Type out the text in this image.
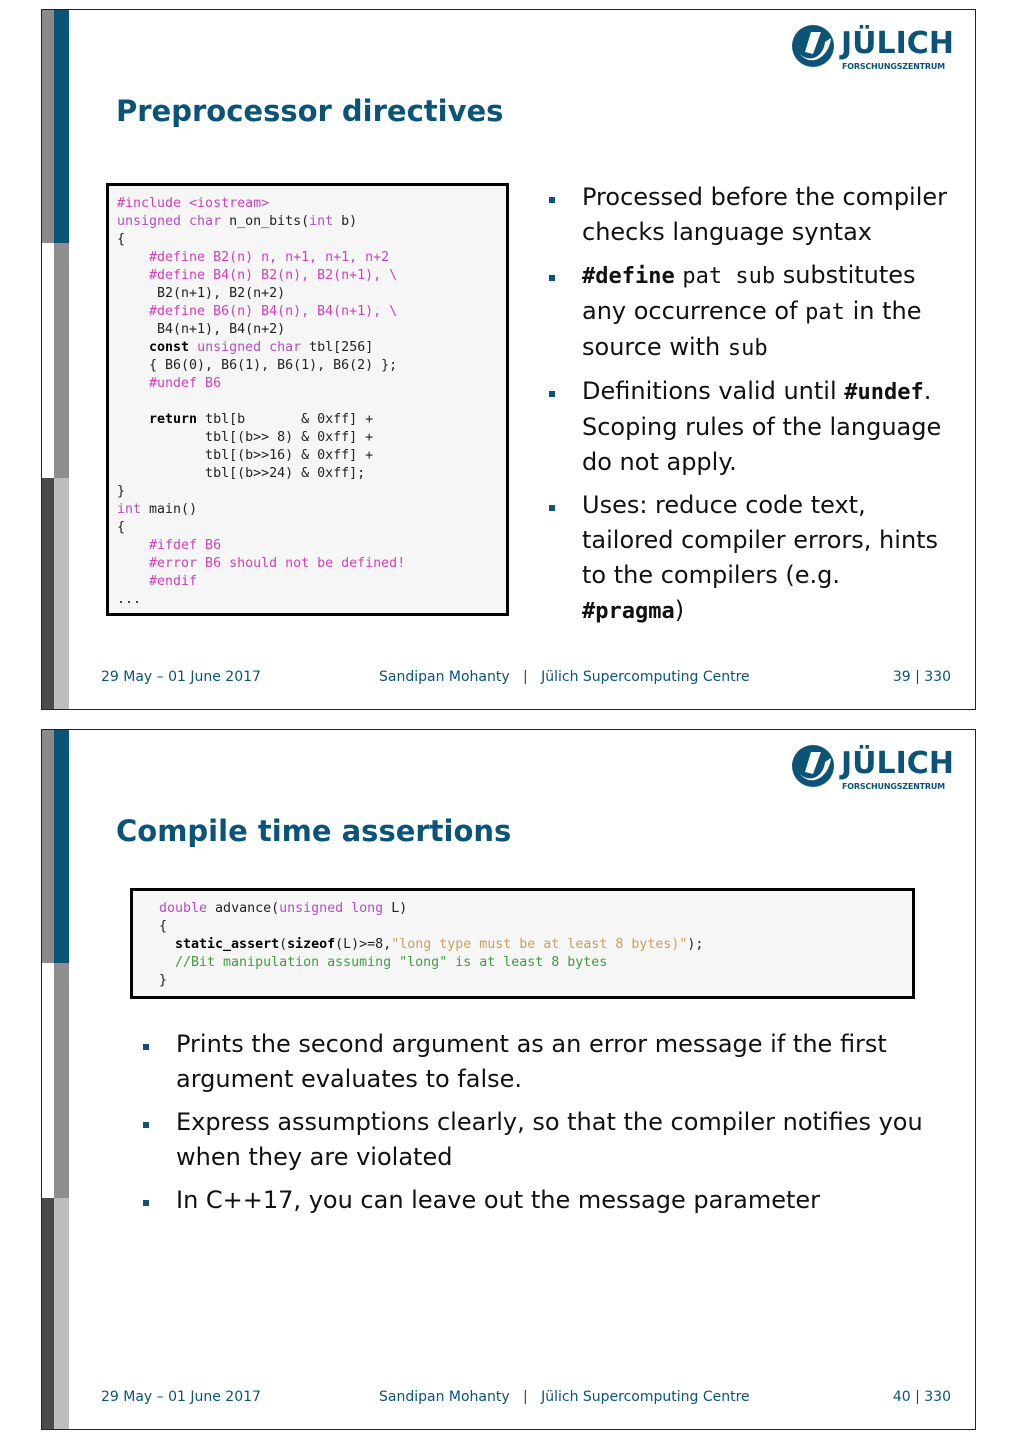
JÜLICH
FORSCHUNGSZENTRUM
Preprocessor directives
#include <iostream>
unsigned char n_on_bits(int b)
{
#define B2(n) n, n+1, n+1, n+2
#define B4(n) B2(n), B2(n+1), \
B2(n+1), B2(n+2)
#define B6(n) B4(n), B4(n+1), \
B4(n+1), B4(n+2)
const unsigned char tbl[256]
{ B6(0), B6(1), B6(1), B6(2) };
#undef B6

return tbl[b       & 0xff] +
tbl[(b>> 8) & 0xff] +
tbl[(b>>16) & 0xff] +
tbl[(b>>24) & 0xff];
}
int main()
{
#ifdef B6
#error B6 should not be defined!
#endif
...
Processed before the compiler checks language syntax
#define pat sub substitutes any occurrence of pat in the source with sub
Definitions valid until #undef. Scoping rules of the language do not apply.
Uses: reduce code text, tailored compiler errors, hints to the compilers (e.g. #pragma)
29 May – 01 June 2017	Sandipan Mohanty | Jülich Supercomputing Centre	39 | 330
JÜLICH
FORSCHUNGSZENTRUM
Compile time assertions
double advance(unsigned long L)
{
static_assert(sizeof(L)>=8,"long type must be at least 8 bytes)");
//Bit manipulation assuming "long" is at least 8 bytes
}
Prints the second argument as an error message if the first argument evaluates to false.
Express assumptions clearly, so that the compiler notifies you when they are violated
In C++17, you can leave out the message parameter
29 May – 01 June 2017	Sandipan Mohanty | Jülich Supercomputing Centre	40 | 330
